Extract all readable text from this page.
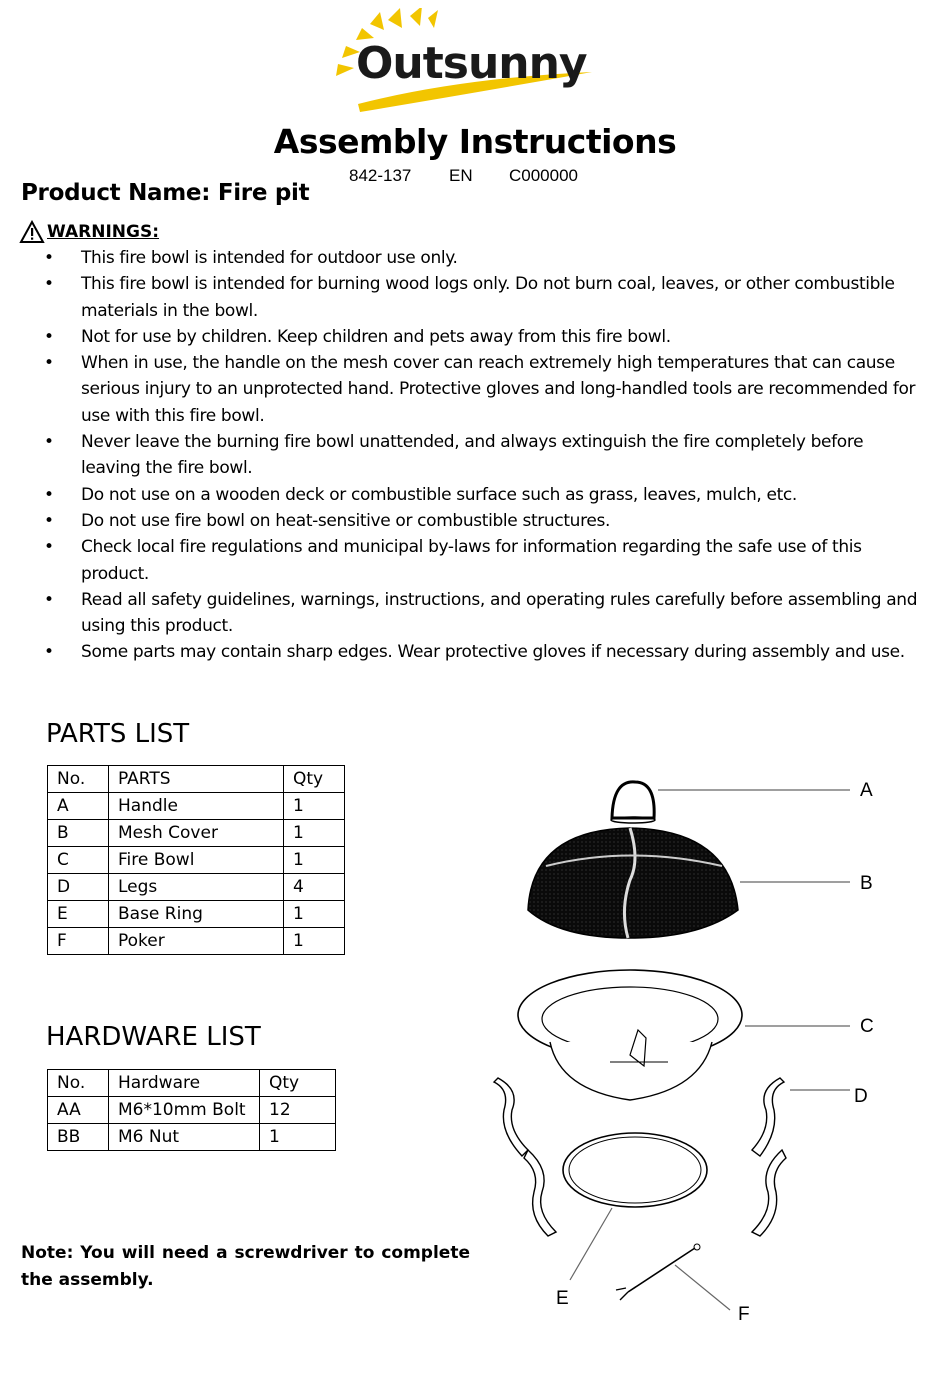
Outsunny
Assembly Instructions
Product Name: Fire pit
842-137 EN C000000
WARNINGS:
• This fire bowl is intended for outdoor use only.
• This fire bowl is intended for burning wood logs only. Do not burn coal, leaves, or other combustible materials in the bowl.
• Not for use by children. Keep children and pets away from this fire bowl.
• When in use, the handle on the mesh cover can reach extremely high temperatures that can cause serious injury to an unprotected hand. Protective gloves and long-handled tools are recommended for use with this fire bowl.
• Never leave the burning fire bowl unattended, and always extinguish the fire completely before leaving the fire bowl.
• Do not use on a wooden deck or combustible surface such as grass, leaves, mulch, etc.
• Do not use fire bowl on heat-sensitive or combustible structures.
• Check local fire regulations and municipal by-laws for information regarding the safe use of this product.
• Read all safety guidelines, warnings, instructions, and operating rules carefully before assembling and using this product.
• Some parts may contain sharp edges. Wear protective gloves if necessary during assembly and use.
PARTS LIST
No.	PARTS	Qty
A	Handle	1
B	Mesh Cover	1
C	Fire Bowl	1
D	Legs	4
E	Base Ring	1
F	Poker	1
HARDWARE LIST
No.	Hardware	Qty
AA	M6*10mm Bolt	12
BB	M6 Nut	1
A
B
C
D
E
F
Note: You will need a screwdriver to complete the assembly.
